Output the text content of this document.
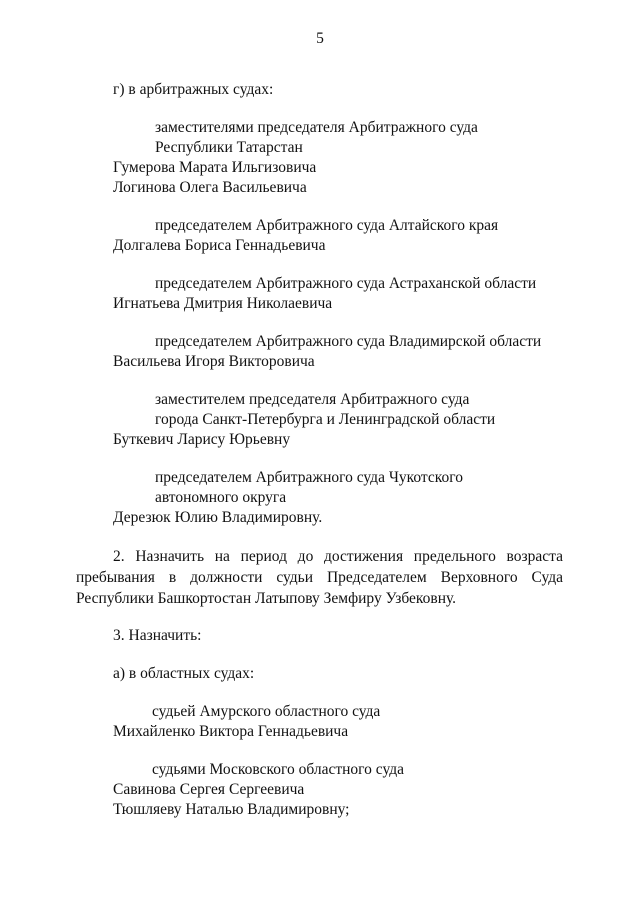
5
г) в арбитражных судах:
заместителями председателя Арбитражного суда
Республики Татарстан
Гумерова Марата Ильгизовича
Логинова Олега Васильевича
председателем Арбитражного суда Алтайского края
Долгалева Бориса Геннадьевича
председателем Арбитражного суда Астраханской области
Игнатьева Дмитрия Николаевича
председателем Арбитражного суда Владимирской области
Васильева Игоря Викторовича
заместителем председателя Арбитражного суда
города Санкт-Петербурга и Ленинградской области
Буткевич Ларису Юрьевну
председателем Арбитражного суда Чукотского
автономного округа
Дерезюк Юлию Владимировну.
2. Назначить на период до достижения предельного возраста
пребывания в должности судьи Председателем Верховного Суда
Республики Башкортостан Латыпову Земфиру Узбековну.
3. Назначить:
а) в областных судах:
судьей Амурского областного суда
Михайленко Виктора Геннадьевича
судьями Московского областного суда
Савинова Сергея Сергеевича
Тюшляеву Наталью Владимировну;
